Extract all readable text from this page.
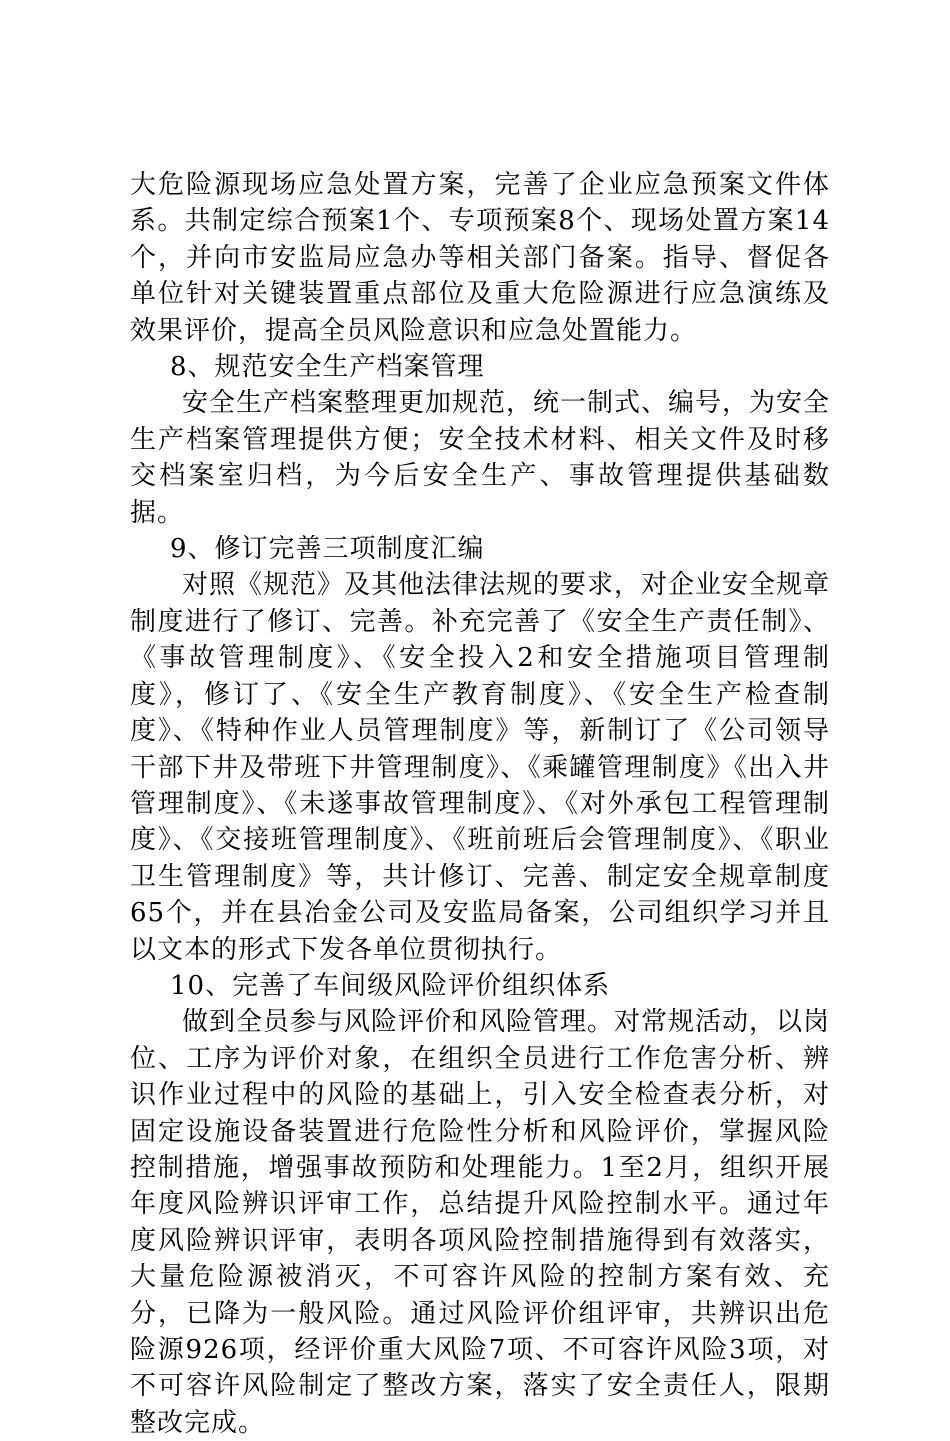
大危险源现场应急处置方案，完善了企业应急预案文件体系。共制定综合预案1个、专项预案8个、现场处置方案14个，并向市安监局应急办等相关部门备案。指导、督促各单位针对关键装置重点部位及重大危险源进行应急演练及效果评价，提高全员风险意识和应急处置能力。

8、规范安全生产档案管理

安全生产档案整理更加规范，统一制式、编号，为安全生产档案管理提供方便；安全技术材料、相关文件及时移交档案室归档，为今后安全生产、事故管理提供基础数据。

9、修订完善三项制度汇编

对照《规范》及其他法律法规的要求，对企业安全规章制度进行了修订、完善。补充完善了《安全生产责任制》、《事故管理制度》、《安全投入2和安全措施项目管理制度》，修订了、《安全生产教育制度》、《安全生产检查制度》、《特种作业人员管理制度》等，新制订了《公司领导干部下井及带班下井管理制度》、《乘罐管理制度》《出入井管理制度》、《未遂事故管理制度》、《对外承包工程管理制度》、《交接班管理制度》、《班前班后会管理制度》、《职业卫生管理制度》等，共计修订、完善、制定安全规章制度65个，并在县冶金公司及安监局备案，公司组织学习并且以文本的形式下发各单位贯彻执行。

10、完善了车间级风险评价组织体系

做到全员参与风险评价和风险管理。对常规活动，以岗位、工序为评价对象，在组织全员进行工作危害分析、辨识作业过程中的风险的基础上，引入安全检查表分析，对固定设施设备装置进行危险性分析和风险评价，掌握风险控制措施，增强事故预防和处理能力。1至2月，组织开展年度风险辨识评审工作，总结提升风险控制水平。通过年度风险辨识评审，表明各项风险控制措施得到有效落实，大量危险源被消灭，不可容许风险的控制方案有效、充分，已降为一般风险。通过风险评价组评审，共辨识出危险源926项，经评价重大风险7项、不可容许风险3项，对不可容许风险制定了整改方案，落实了安全责任人，限期整改完成。
